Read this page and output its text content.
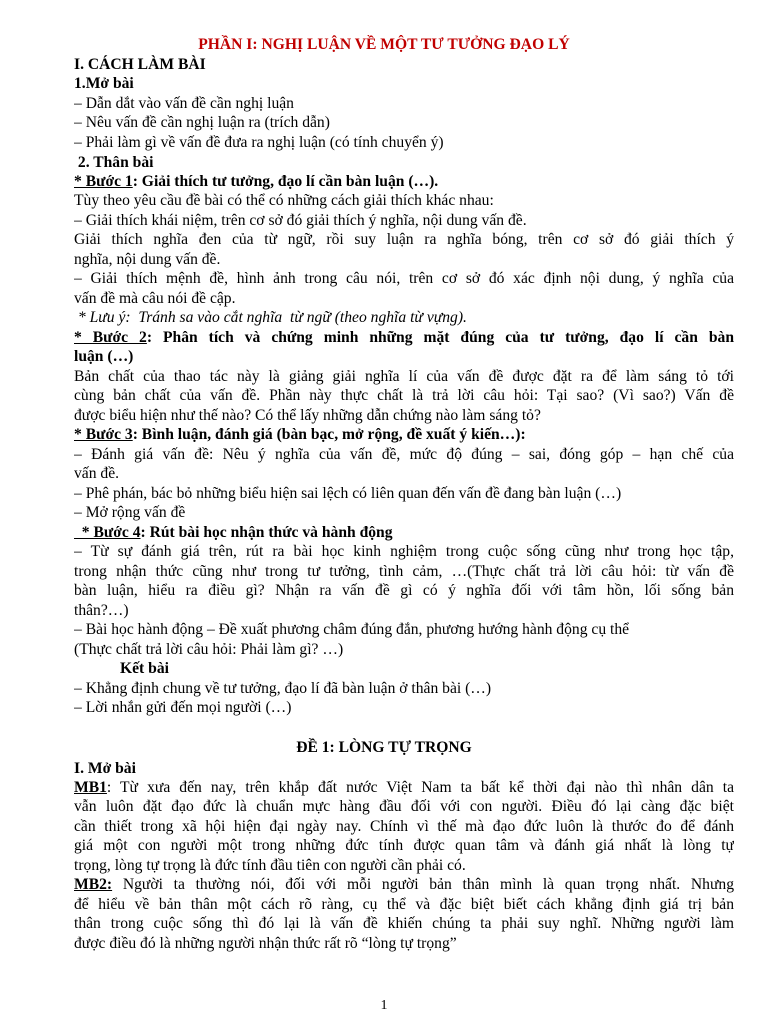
PHẦN I: NGHỊ LUẬN VỀ MỘT TƯ TƯỞNG ĐẠO LÝ
I. CÁCH LÀM BÀI
1.Mở bài
– Dẫn dắt vào vấn đề cần nghị luận
– Nêu vấn đề cần nghị luận ra (trích dẫn)
– Phải làm gì về vấn đề đưa ra nghị luận (có tính chuyển ý)
2. Thân bài
* Bước 1: Giải thích tư tưởng, đạo lí cần bàn luận (…).
Tùy theo yêu cầu đề bài có thể có những cách giải thích khác nhau:
– Giải thích khái niệm, trên cơ sở đó giải thích ý nghĩa, nội dung vấn đề.
Giải thích nghĩa đen của từ ngữ, rồi suy luận ra nghĩa bóng, trên cơ sở đó giải thích ý
nghĩa, nội dung vấn đề.
– Giải thích mệnh đề, hình ảnh trong câu nói, trên cơ sở đó xác định nội dung, ý nghĩa của
vấn đề mà câu nói đề cập.
* Lưu ý:  Tránh sa vào cắt nghĩa  từ ngữ (theo nghĩa từ vựng).
* Bước 2: Phân tích và chứng minh những mặt đúng của tư tưởng, đạo lí cần bàn
luận (…)
Bản chất của thao tác này là giảng giải nghĩa lí của vấn đề được đặt ra để làm sáng tỏ tới
cùng bản chất của vấn đề. Phần này thực chất là trả lời câu hỏi: Tại sao? (Vì sao?) Vấn đề
được biểu hiện như thế nào? Có thể lấy những dẫn chứng nào làm sáng tỏ?
* Bước 3: Bình luận, đánh giá (bàn bạc, mở rộng, đề xuất ý kiến…):
– Đánh giá vấn đề: Nêu ý nghĩa của vấn đề, mức độ đúng – sai, đóng góp – hạn chế của
vấn đề.
– Phê phán, bác bỏ những biểu hiện sai lệch có liên quan đến vấn đề đang bàn luận (…)
– Mở rộng vấn đề
* Bước 4: Rút bài học nhận thức và hành động
– Từ sự đánh giá trên, rút ra bài học kinh nghiệm trong cuộc sống cũng như trong học tập,
trong nhận thức cũng như trong tư tưởng, tình cảm, …(Thực chất trả lời câu hỏi: từ vấn đề
bàn luận, hiểu ra điều gì? Nhận ra vấn đề gì có ý nghĩa đối với tâm hồn, lối sống bản
thân?…)
– Bài học hành động – Đề xuất phương châm đúng đắn, phương hướng hành động cụ thể
(Thực chất trả lời câu hỏi: Phải làm gì? …)
Kết bài
– Khẳng định chung về tư tưởng, đạo lí đã bàn luận ở thân bài (…)
– Lời nhắn gửi đến mọi người (…)
ĐỀ 1: LÒNG TỰ TRỌNG
I. Mở bài
MB1: Từ xưa đến nay, trên khắp đất nước Việt Nam ta bất kể thời đại nào thì nhân dân ta
vẫn luôn đặt đạo đức là chuẩn mực hàng đầu đối với con người. Điều đó lại càng đặc biệt
cần thiết trong xã hội hiện đại ngày nay. Chính vì thế mà đạo đức luôn là thước đo để đánh
giá một con người một trong những đức tính được quan tâm và đánh giá nhất là lòng tự
trọng, lòng tự trọng là đức tính đầu tiên con người cần phải có.
MB2: Người ta thường nói, đối với mỗi người bản thân mình là quan trọng nhất. Nhưng
để hiểu về bản thân một cách rõ ràng, cụ thể và đặc biệt biết cách khẳng định giá trị bản
thân trong cuộc sống thì đó lại là vấn đề khiến chúng ta phải suy nghĩ. Những người làm
được điều đó là những người nhận thức rất rõ “lòng tự trọng”
1
